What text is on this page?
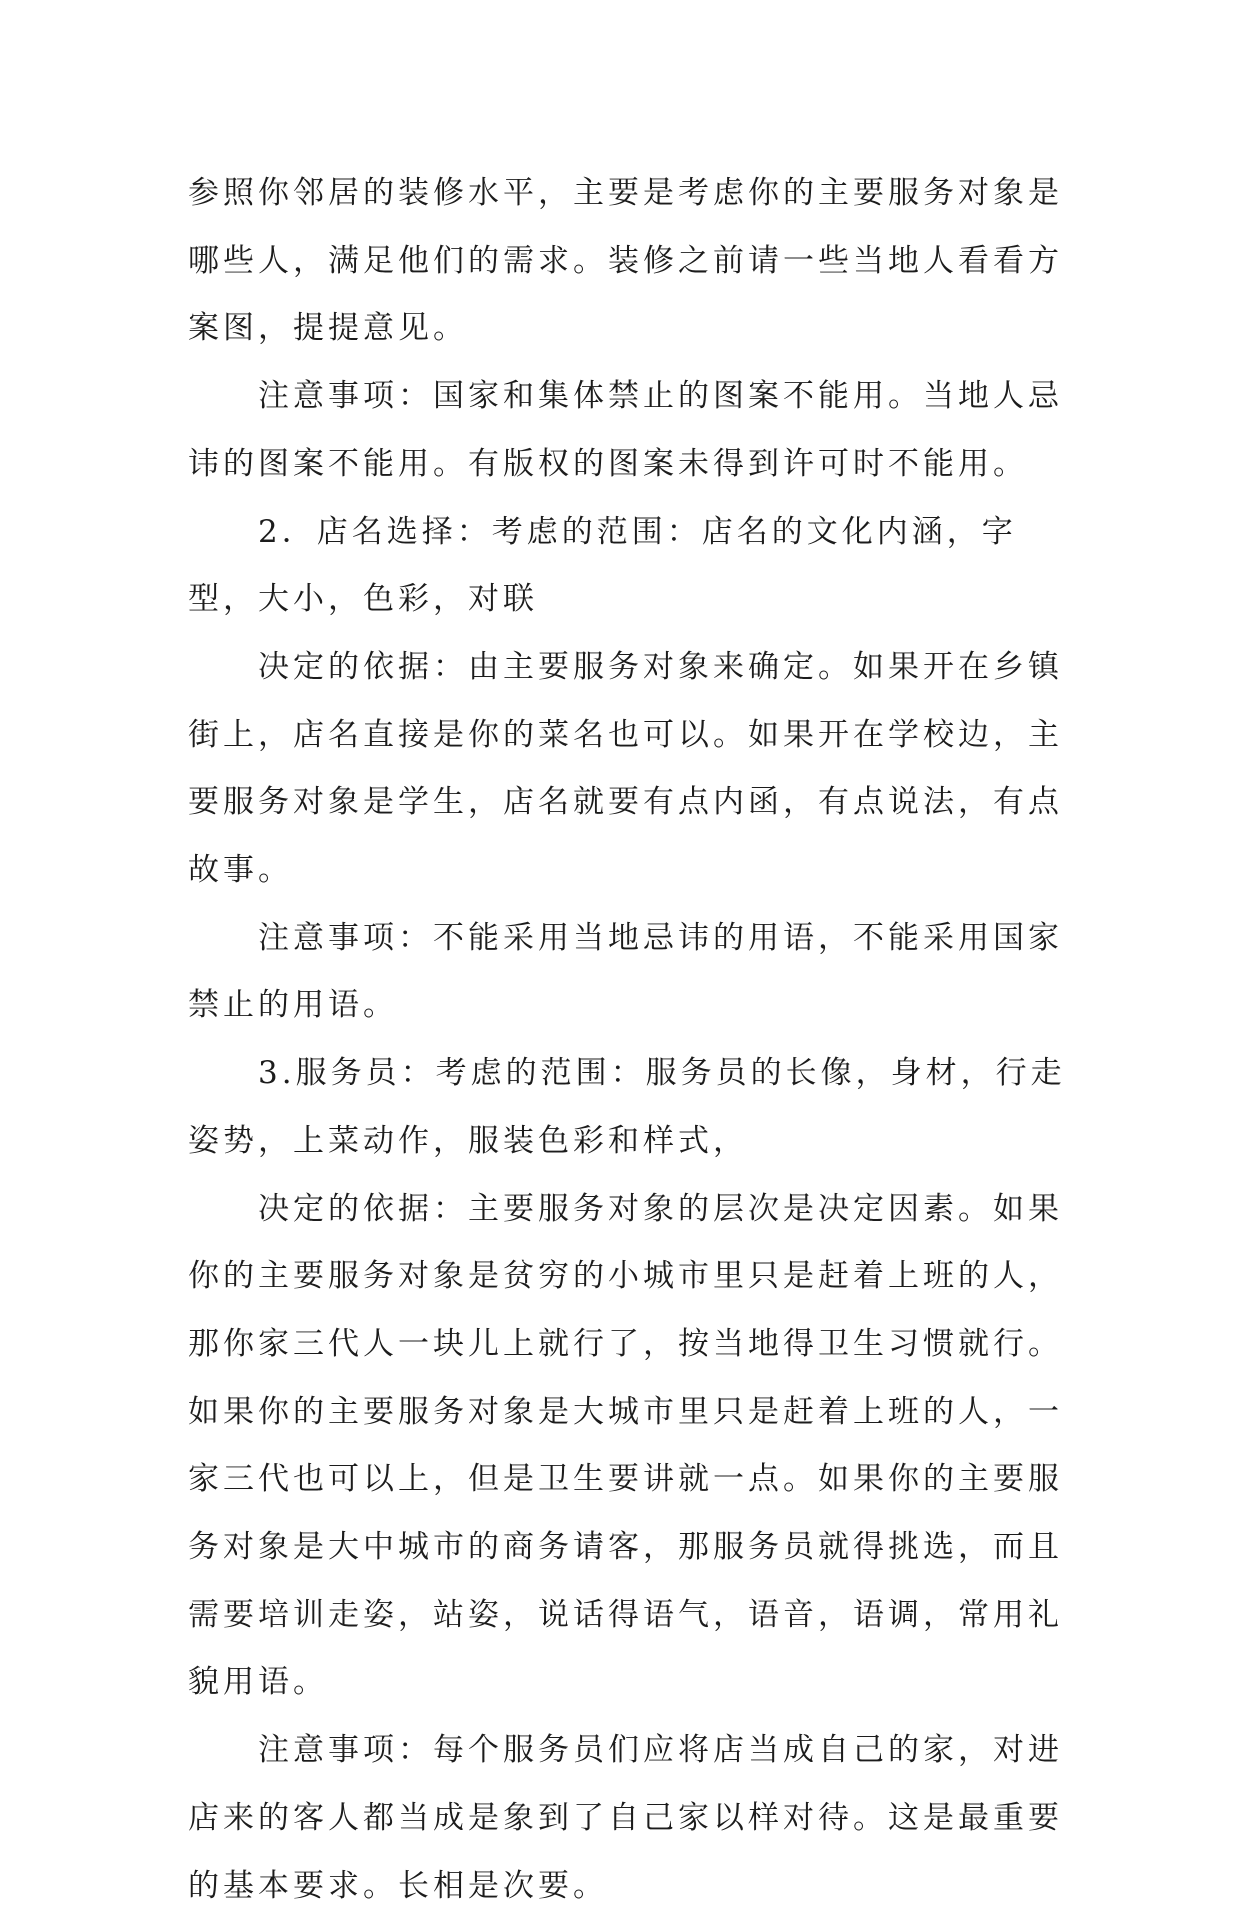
参照你邻居的装修水平，主要是考虑你的主要服务对象是哪些人，满足他们的需求。装修之前请一些当地人看看方案图，提提意见。

注意事项：国家和集体禁止的图案不能用。当地人忌讳的图案不能用。有版权的图案未得到许可时不能用。

2．店名选择：考虑的范围：店名的文化内涵，字型，大小，色彩，对联

决定的依据：由主要服务对象来确定。如果开在乡镇街上，店名直接是你的菜名也可以。如果开在学校边，主要服务对象是学生，店名就要有点内函，有点说法，有点故事。

注意事项：不能采用当地忌讳的用语，不能采用国家禁止的用语。

3.服务员：考虑的范围：服务员的长像，身材，行走姿势，上菜动作，服装色彩和样式，

决定的依据：主要服务对象的层次是决定因素。如果你的主要服务对象是贫穷的小城市里只是赶着上班的人，那你家三代人一块儿上就行了，按当地得卫生习惯就行。如果你的主要服务对象是大城市里只是赶着上班的人，一家三代也可以上，但是卫生要讲就一点。如果你的主要服务对象是大中城市的商务请客，那服务员就得挑选，而且需要培训走姿，站姿，说话得语气，语音，语调，常用礼貌用语。

注意事项：每个服务员们应将店当成自己的家，对进店来的客人都当成是象到了自己家以样对待。这是最重要的基本要求。长相是次要。
